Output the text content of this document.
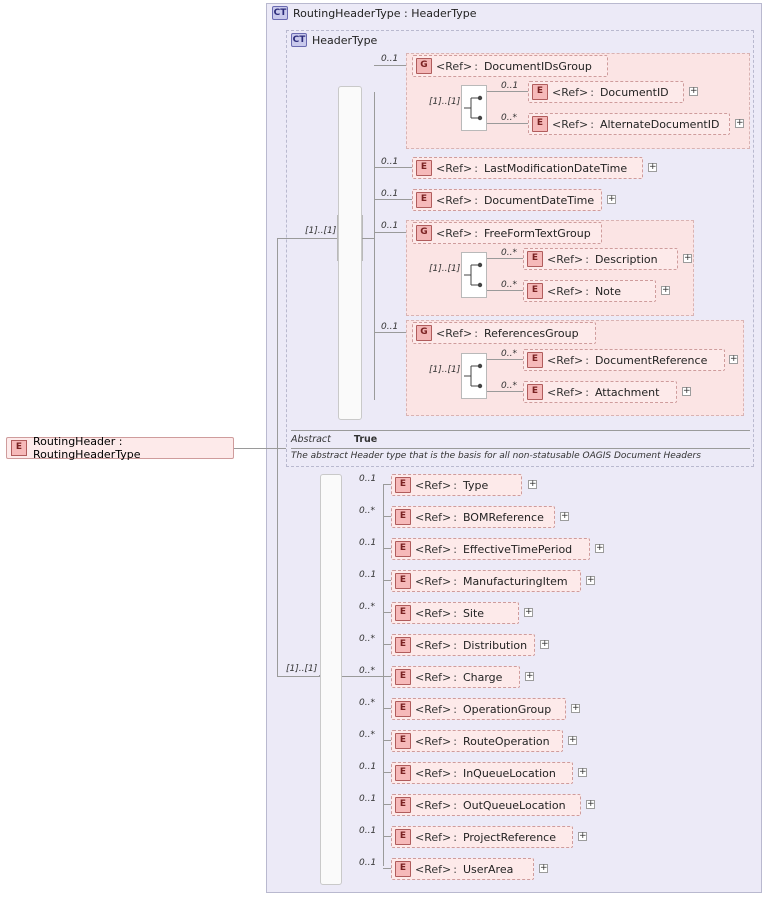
CT RoutingHeaderType : HeaderType
CT HeaderType
Abstract True
The abstract Header type that is the basis for all non-statusable OAGIS Document Headers
E RoutingHeader : RoutingHeaderType
[1]..[1]
0..1
G <Ref> : DocumentIDsGroup
[1]..[1]
0..1	E <Ref> : DocumentID
+
0..*	E <Ref> : AlternateDocumentID
+
0..1	E <Ref> : LastModificationDateTime
+
0..1	E <Ref> : DocumentDateTime
+
0..1
G <Ref> : FreeFormTextGroup
[1]..[1]
0..*	E <Ref> : Description
+
0..*	E <Ref> : Note
+
0..1	G <Ref> : ReferencesGroup
[1]..[1]
0..*	E <Ref> : DocumentReference
+
0..*	E <Ref> : Attachment
+
[1]..[1]
0..1	E <Ref> : Type
+
0..*	E <Ref> : BOMReference
+
0..1	E <Ref> : EffectiveTimePeriod
+
0..1	E <Ref> : ManufacturingItem
+
0..*	E <Ref> : Site
+
0..*	E <Ref> : Distribution
+
0..*	E <Ref> : Charge
+
0..*	E <Ref> : OperationGroup
+
0..*	E <Ref> : RouteOperation
+
0..1	E <Ref> : InQueueLocation
+
0..1	E <Ref> : OutQueueLocation
+
0..1	E <Ref> : ProjectReference
+
0..1	E <Ref> : UserArea
+
